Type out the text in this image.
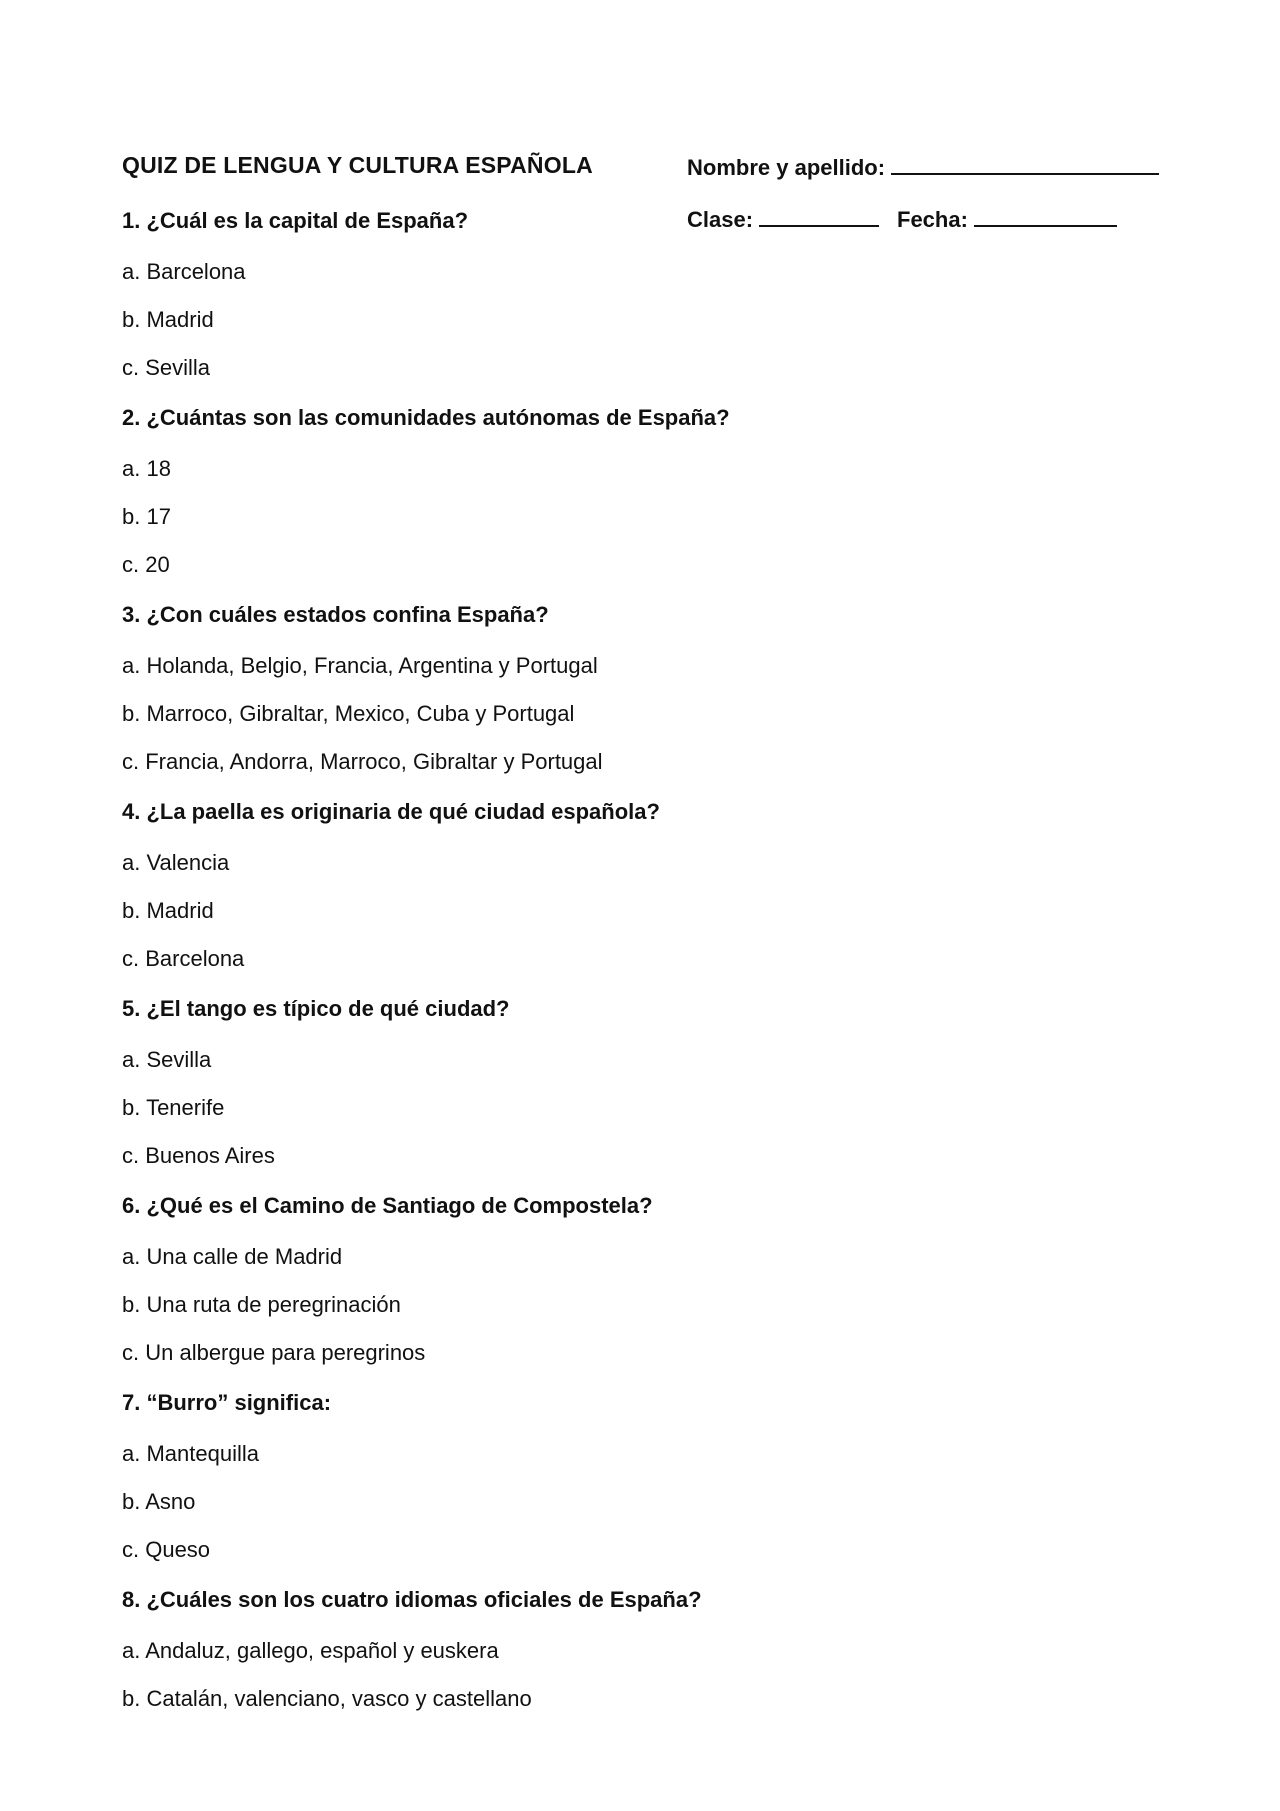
QUIZ DE LENGUA Y CULTURA ESPAÑOLA	Nombre y apellido:
Clase:	Fecha:
1. ¿Cuál es la capital de España?
a. Barcelona
b. Madrid
c. Sevilla
2. ¿Cuántas son las comunidades autónomas de España?
a. 18
b. 17
c. 20
3. ¿Con cuáles estados confina España?
a. Holanda, Belgio, Francia, Argentina y Portugal
b. Marroco, Gibraltar, Mexico, Cuba y Portugal
c. Francia, Andorra, Marroco, Gibraltar y Portugal
4. ¿La paella es originaria de qué ciudad española?
a. Valencia
b. Madrid
c. Barcelona
5. ¿El tango es típico de qué ciudad?
a. Sevilla
b. Tenerife
c. Buenos Aires
6. ¿Qué es el Camino de Santiago de Compostela?
a. Una calle de Madrid
b. Una ruta de peregrinación
c. Un albergue para peregrinos
7. “Burro” significa:
a. Mantequilla
b. Asno
c. Queso
8. ¿Cuáles son los cuatro idiomas oficiales de España?
a. Andaluz, gallego, español y euskera
b. Catalán, valenciano, vasco y castellano
